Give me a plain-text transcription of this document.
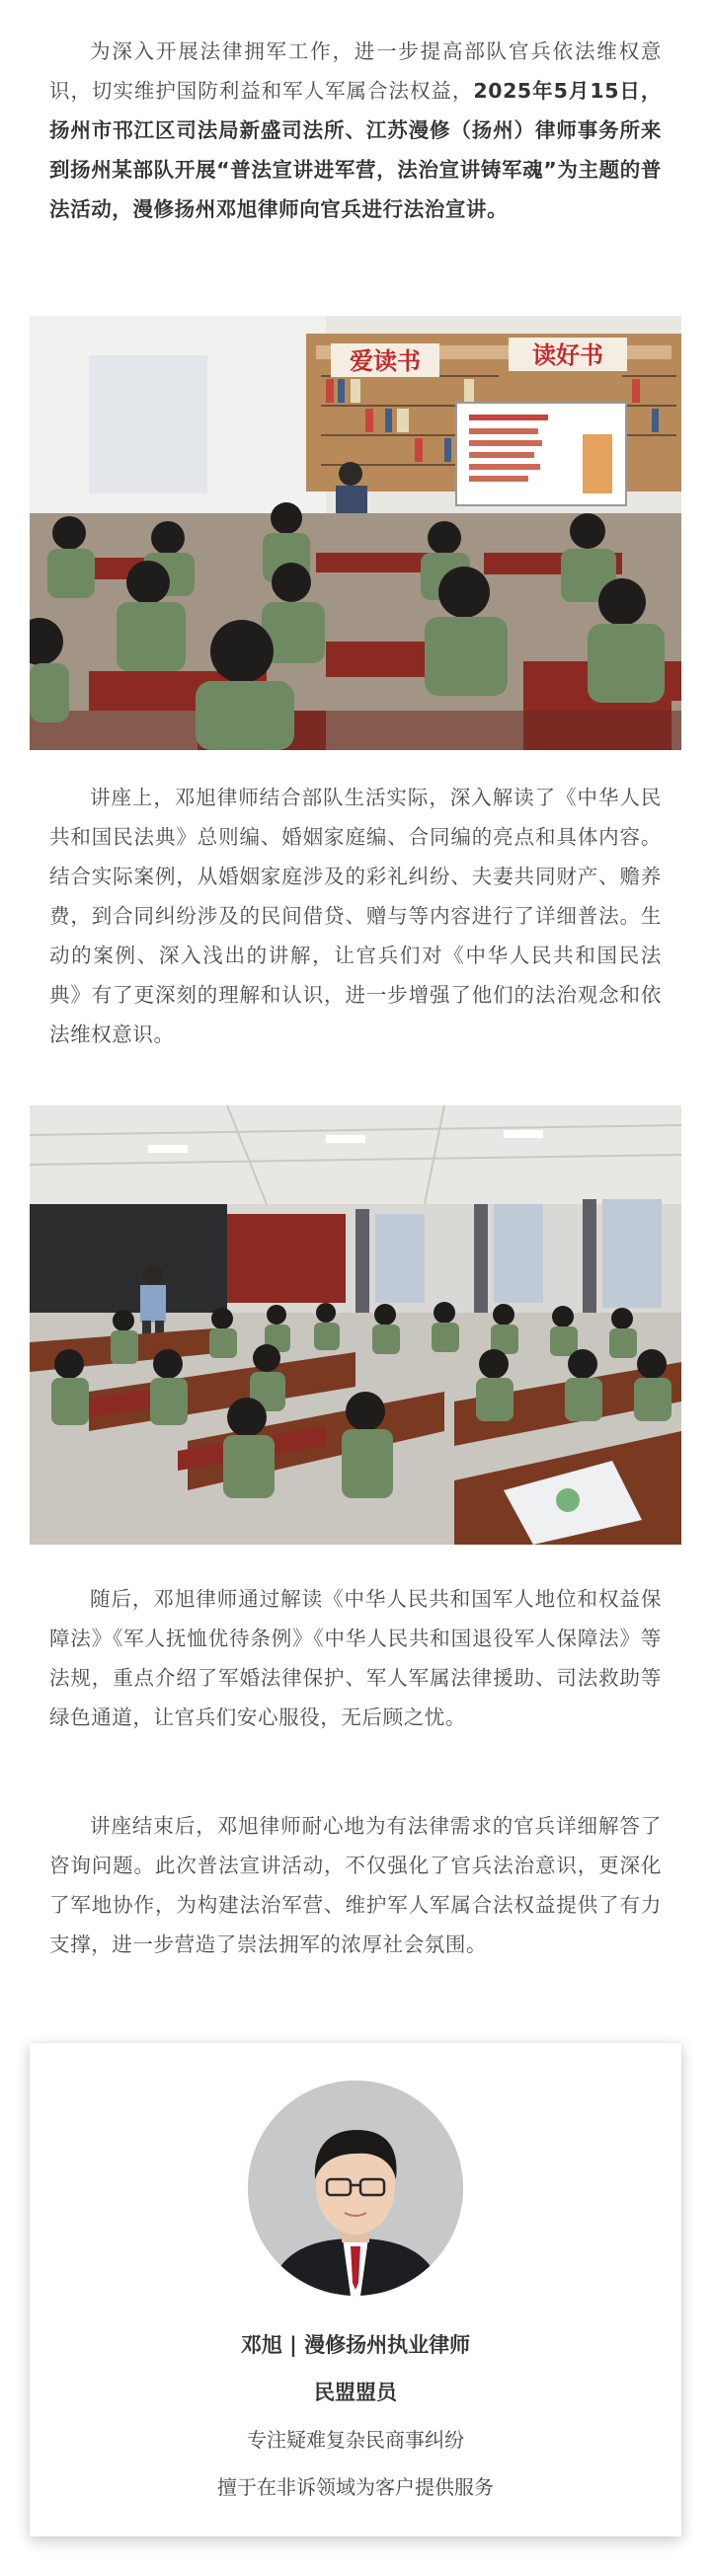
为深入开展法律拥军工作，进一步提高部队官兵依法维权意识，切实维护国防利益和军人军属合法权益，2025年5月15日，扬州市邗江区司法局新盛司法所、江苏漫修（扬州）律师事务所来到扬州某部队开展“普法宣讲进军营，法治宣讲铸军魂”为主题的普法活动，漫修扬州邓旭律师向官兵进行法治宣讲。

爱读书	读好书

讲座上，邓旭律师结合部队生活实际，深入解读了《中华人民共和国民法典》总则编、婚姻家庭编、合同编的亮点和具体内容。结合实际案例，从婚姻家庭涉及的彩礼纠纷、夫妻共同财产、赡养费，到合同纠纷涉及的民间借贷、赠与等内容进行了详细普法。生动的案例、深入浅出的讲解，让官兵们对《中华人民共和国民法典》有了更深刻的理解和认识，进一步增强了他们的法治观念和依法维权意识。

随后，邓旭律师通过解读《中华人民共和国军人地位和权益保障法》《军人抚恤优待条例》《中华人民共和国退役军人保障法》等法规，重点介绍了军婚法律保护、军人军属法律援助、司法救助等绿色通道，让官兵们安心服役，无后顾之忧。

讲座结束后，邓旭律师耐心地为有法律需求的官兵详细解答了咨询问题。此次普法宣讲活动，不仅强化了官兵法治意识，更深化了军地协作，为构建法治军营、维护军人军属合法权益提供了有力支撑，进一步营造了崇法拥军的浓厚社会氛围。

邓旭 | 漫修扬州执业律师

民盟盟员

专注疑难复杂民商事纠纷

擅于在非诉领域为客户提供服务
